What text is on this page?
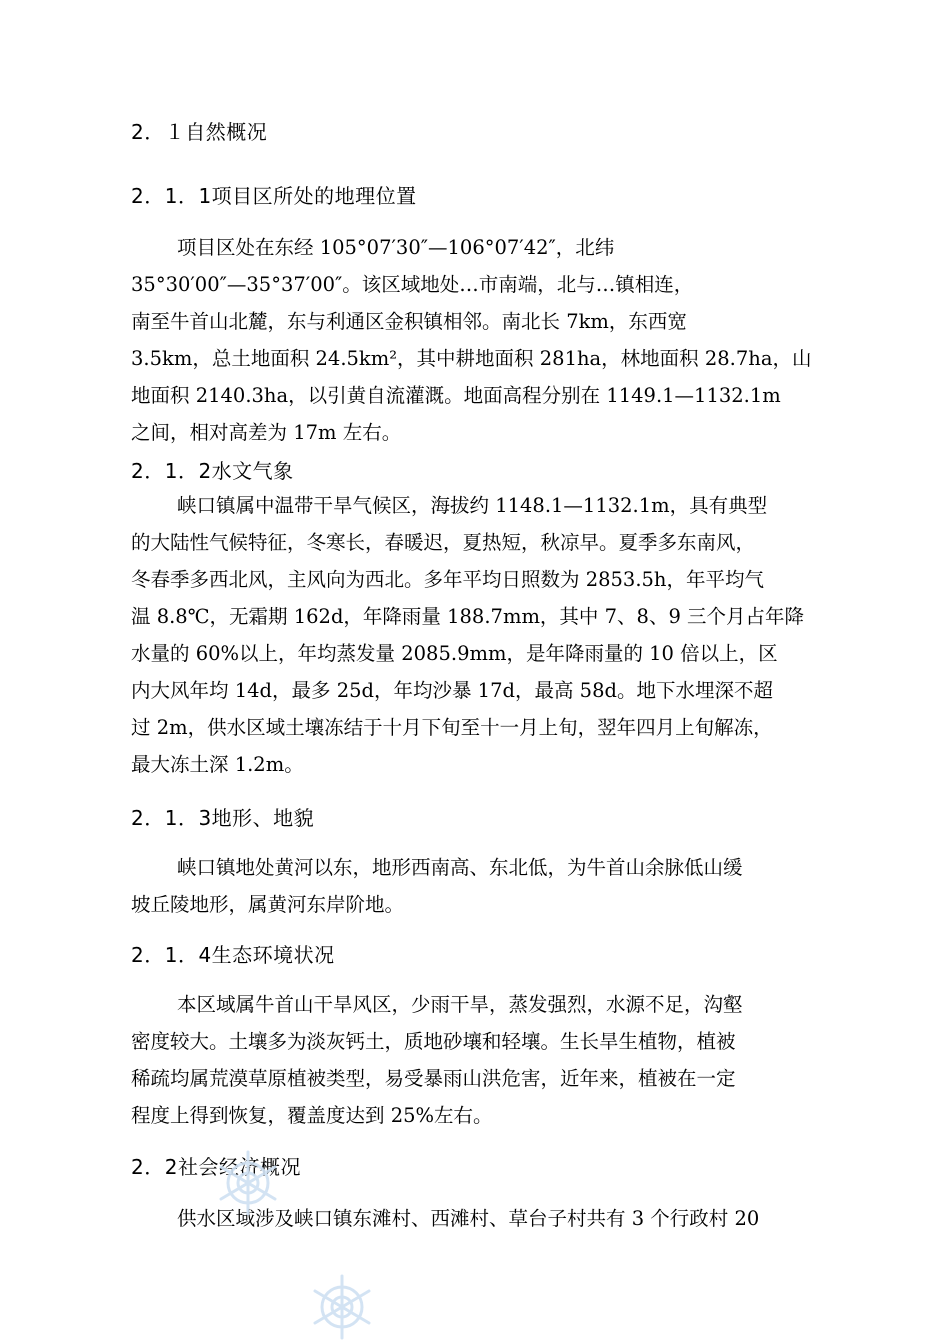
2．１自然概况
2．1．1项目区所处的地理位置

项目区处在东经 105°07′30″—106°07′42″，北纬

35°30′00″—35°37′00″。该区域地处…市南端，北与…镇相连，

南至牛首山北麓，东与利通区金积镇相邻。南北长 7km，东西宽

3.5km，总土地面积 24.5km²，其中耕地面积 281ha，林地面积 28.7ha，山

地面积 2140.3ha，以引黄自流灌溉。地面高程分别在 1149.1—1132.1m

之间，相对高差为 17m 左右。

2．1．2水文气象

峡口镇属中温带干旱气候区，海拔约 1148.1—1132.1m，具有典型

的大陆性气候特征，冬寒长，春暖迟，夏热短，秋凉早。夏季多东南风，

冬春季多西北风，主风向为西北。多年平均日照数为 2853.5h，年平均气

温 8.8℃，无霜期 162d，年降雨量 188.7mm，其中 7、8、9 三个月占年降

水量的 60%以上，年均蒸发量 2085.9mm，是年降雨量的 10 倍以上，区

内大风年均 14d，最多 25d，年均沙暴 17d，最高 58d。地下水埋深不超

过 2m，供水区域土壤冻结于十月下旬至十一月上旬，翌年四月上旬解冻，

最大冻土深 1.2m。

2．1．3地形、地貌

峡口镇地处黄河以东，地形西南高、东北低，为牛首山余脉低山缓

坡丘陵地形，属黄河东岸阶地。

2．1．4生态环境状况

本区域属牛首山干旱风区，少雨干旱，蒸发强烈，水源不足，沟壑

密度较大。土壤多为淡灰钙土，质地砂壤和轻壤。生长旱生植物，植被

稀疏均属荒漠草原植被类型，易受暴雨山洪危害，近年来，植被在一定

程度上得到恢复，覆盖度达到 25%左右。

2．2社会经济概况

供水区域涉及峡口镇东滩村、西滩村、草台子村共有 3 个行政村 20
